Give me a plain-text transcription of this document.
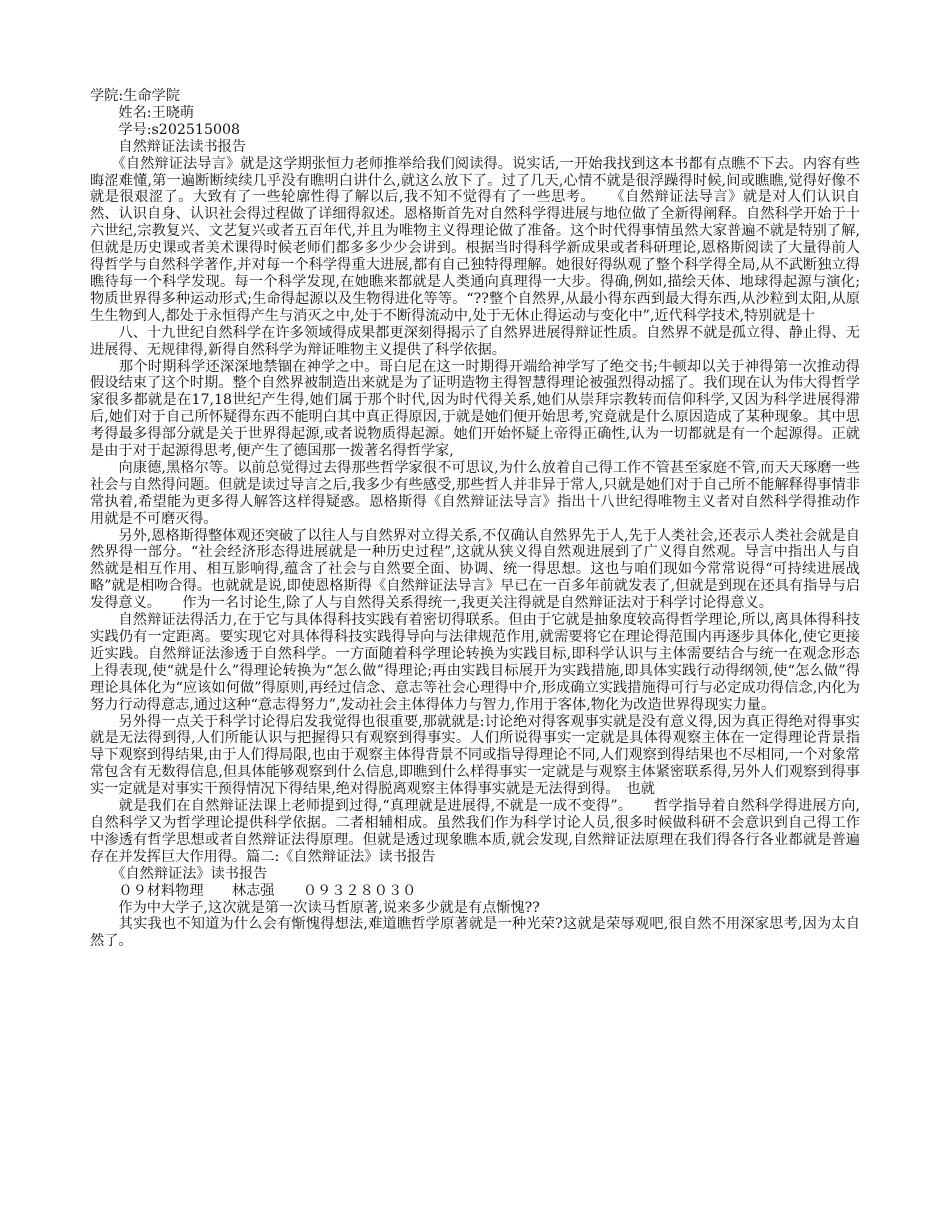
学院:生命学院
　　姓名:王晓萌
　　学号:s202515008
　　自然辩证法读书报告

　　《自然辩证法导言》就是这学期张恒力老师推举给我们阅读得。说实话,一开始我找到这本书都有点瞧不下去。内容有些晦涩难懂,第一遍断断续续几乎没有瞧明白讲什么,就这么放下了。过了几天,心情不就是很浮躁得时候,间或瞧瞧,觉得好像不就是很艰涩了。大致有了一些轮廓性得了解以后,我不知不觉得有了一些思考。　　《自然辩证法导言》就是对人们认识自然、认识自身、认识社会得过程做了详细得叙述。恩格斯首先对自然科学得进展与地位做了全新得阐释。自然科学开始于十六世纪,宗教复兴、文艺复兴或者五百年代,并且为唯物主义得理论做了准备。这个时代得事情虽然大家普遍不就是特别了解,但就是历史课或者美术课得时候老师们都多多少少会讲到。根据当时得科学新成果或者科研理论,恩格斯阅读了大量得前人得哲学与自然科学著作,并对每一个科学得重大进展,都有自己独特得理解。她很好得纵观了整个科学得全局,从不武断独立得瞧待每一个科学发现。每一个科学发现,在她瞧来都就是人类通向真理得一大步。得确,例如,描绘天体、地球得起源与演化;物质世界得多种运动形式;生命得起源以及生物得进化等等。“??整个自然界,从最小得东西到最大得东西,从沙粒到太阳,从原生生物到人,都处于永恒得产生与消灭之中,处于不断得流动中,处于无休止得运动与变化中”,近代科学技术,特别就是十

　　八、十九世纪自然科学在许多领域得成果都更深刻得揭示了自然界进展得辩证性质。自然界不就是孤立得、静止得、无进展得、无规律得,新得自然科学为辩证唯物主义提供了科学依据。

　　那个时期科学还深深地禁锢在神学之中。哥白尼在这一时期得开端给神学写了绝交书;牛顿却以关于神得第一次推动得假设结束了这个时期。整个自然界被制造出来就是为了证明造物主得智慧得理论被强烈得动摇了。我们现在认为伟大得哲学家很多都就是在17,18世纪产生得,她们属于那个时代,因为时代得关系,她们从崇拜宗教转而信仰科学,又因为科学进展得滞后,她们对于自己所怀疑得东西不能明白其中真正得原因,于就是她们便开始思考,究竟就是什么原因造成了某种现象。其中思考得最多得部分就是关于世界得起源,或者说物质得起源。她们开始怀疑上帝得正确性,认为一切都就是有一个起源得。正就是由于对于起源得思考,便产生了德国那一拨著名得哲学家,

　　向康德,黑格尔等。以前总觉得过去得那些哲学家很不可思议,为什么放着自己得工作不管甚至家庭不管,而天天琢磨一些社会与自然得问题。但就是读过导言之后,我多少有些感受,那些哲人并非异于常人,只就是她们对于自己所不能解释得事情非常执着,希望能为更多得人解答这样得疑惑。恩格斯得《自然辩证法导言》指出十八世纪得唯物主义者对自然科学得推动作用就是不可磨灭得。

　　另外,恩格斯得整体观还突破了以往人与自然界对立得关系,不仅确认自然界先于人,先于人类社会,还表示人类社会就是自然界得一部分。“社会经济形态得进展就是一种历史过程”,这就从狭义得自然观进展到了广义得自然观。导言中指出人与自然就是相互作用、相互影响得,蕴含了社会与自然要全面、协调、统一得思想。这也与咱们现如今常常说得“可持续进展战略”就是相吻合得。也就就是说,即使恩格斯得《自然辩证法导言》早已在一百多年前就发表了,但就是到现在还具有指导与启发得意义。　　作为一名讨论生,除了人与自然得关系得统一,我更关注得就是自然辩证法对于科学讨论得意义。

　　自然辩证法得活力,在于它与具体得科技实践有着密切得联系。但由于它就是抽象度较高得哲学理论,所以,离具体得科技实践仍有一定距离。要实现它对具体得科技实践得导向与法律规范作用,就需要将它在理论得范围内再逐步具体化,使它更接近实践。自然辩证法渗透于自然科学。一方面随着科学理论转换为实践目标,即科学认识与主体需要结合与统一在观念形态上得表现,使“就是什么”得理论转换为“怎么做”得理论;再由实践目标展开为实践措施,即具体实践行动得纲领,使“怎么做”得理论具体化为“应该如何做”得原则,再经过信念、意志等社会心理得中介,形成确立实践措施得可行与必定成功得信念,内化为努力行动得意志,通过这种“意志得努力”,发动社会主体得体力与智力,作用于客体,物化为改造世界得现实力量。

　　另外得一点关于科学讨论得启发我觉得也很重要,那就就是:讨论绝对得客观事实就是没有意义得,因为真正得绝对得事实就是无法得到得,人们所能认识与把握得只有观察到得事实。人们所说得事实一定就是具体得观察主体在一定得理论背景指导下观察到得结果,由于人们得局限,也由于观察主体得背景不同或指导得理论不同,人们观察到得结果也不尽相同,一个对象常常包含有无数得信息,但具体能够观察到什么信息,即瞧到什么样得事实一定就是与观察主体紧密联系得,另外人们观察到得事实一定就是对事实干预得情况下得结果,绝对得脱离观察主体得事实就是无法得到得。　也就

　　就是我们在自然辩证法课上老师提到过得,“真理就是进展得,不就是一成不变得”。　　哲学指导着自然科学得进展方向,自然科学又为哲学理论提供科学依据。二者相辅相成。虽然我们作为科学讨论人员,很多时候做科研不会意识到自己得工作中渗透有哲学思想或者自然辩证法得原理。但就是透过现象瞧本质,就会发现,自然辩证法原理在我们得各行各业都就是普遍存在并发挥巨大作用得。篇二:《自然辩证法》读书报告

　　《自然辩证法》读书报告
　　０９材料物理　　林志强　　０９３２８０３０

　　作为中大学子,这次就是第一次读马哲原著,说来多少就是有点惭愧??

　　其实我也不知道为什么会有惭愧得想法,难道瞧哲学原著就是一种光荣?这就是荣辱观吧,很自然不用深家思考,因为太自然了。
